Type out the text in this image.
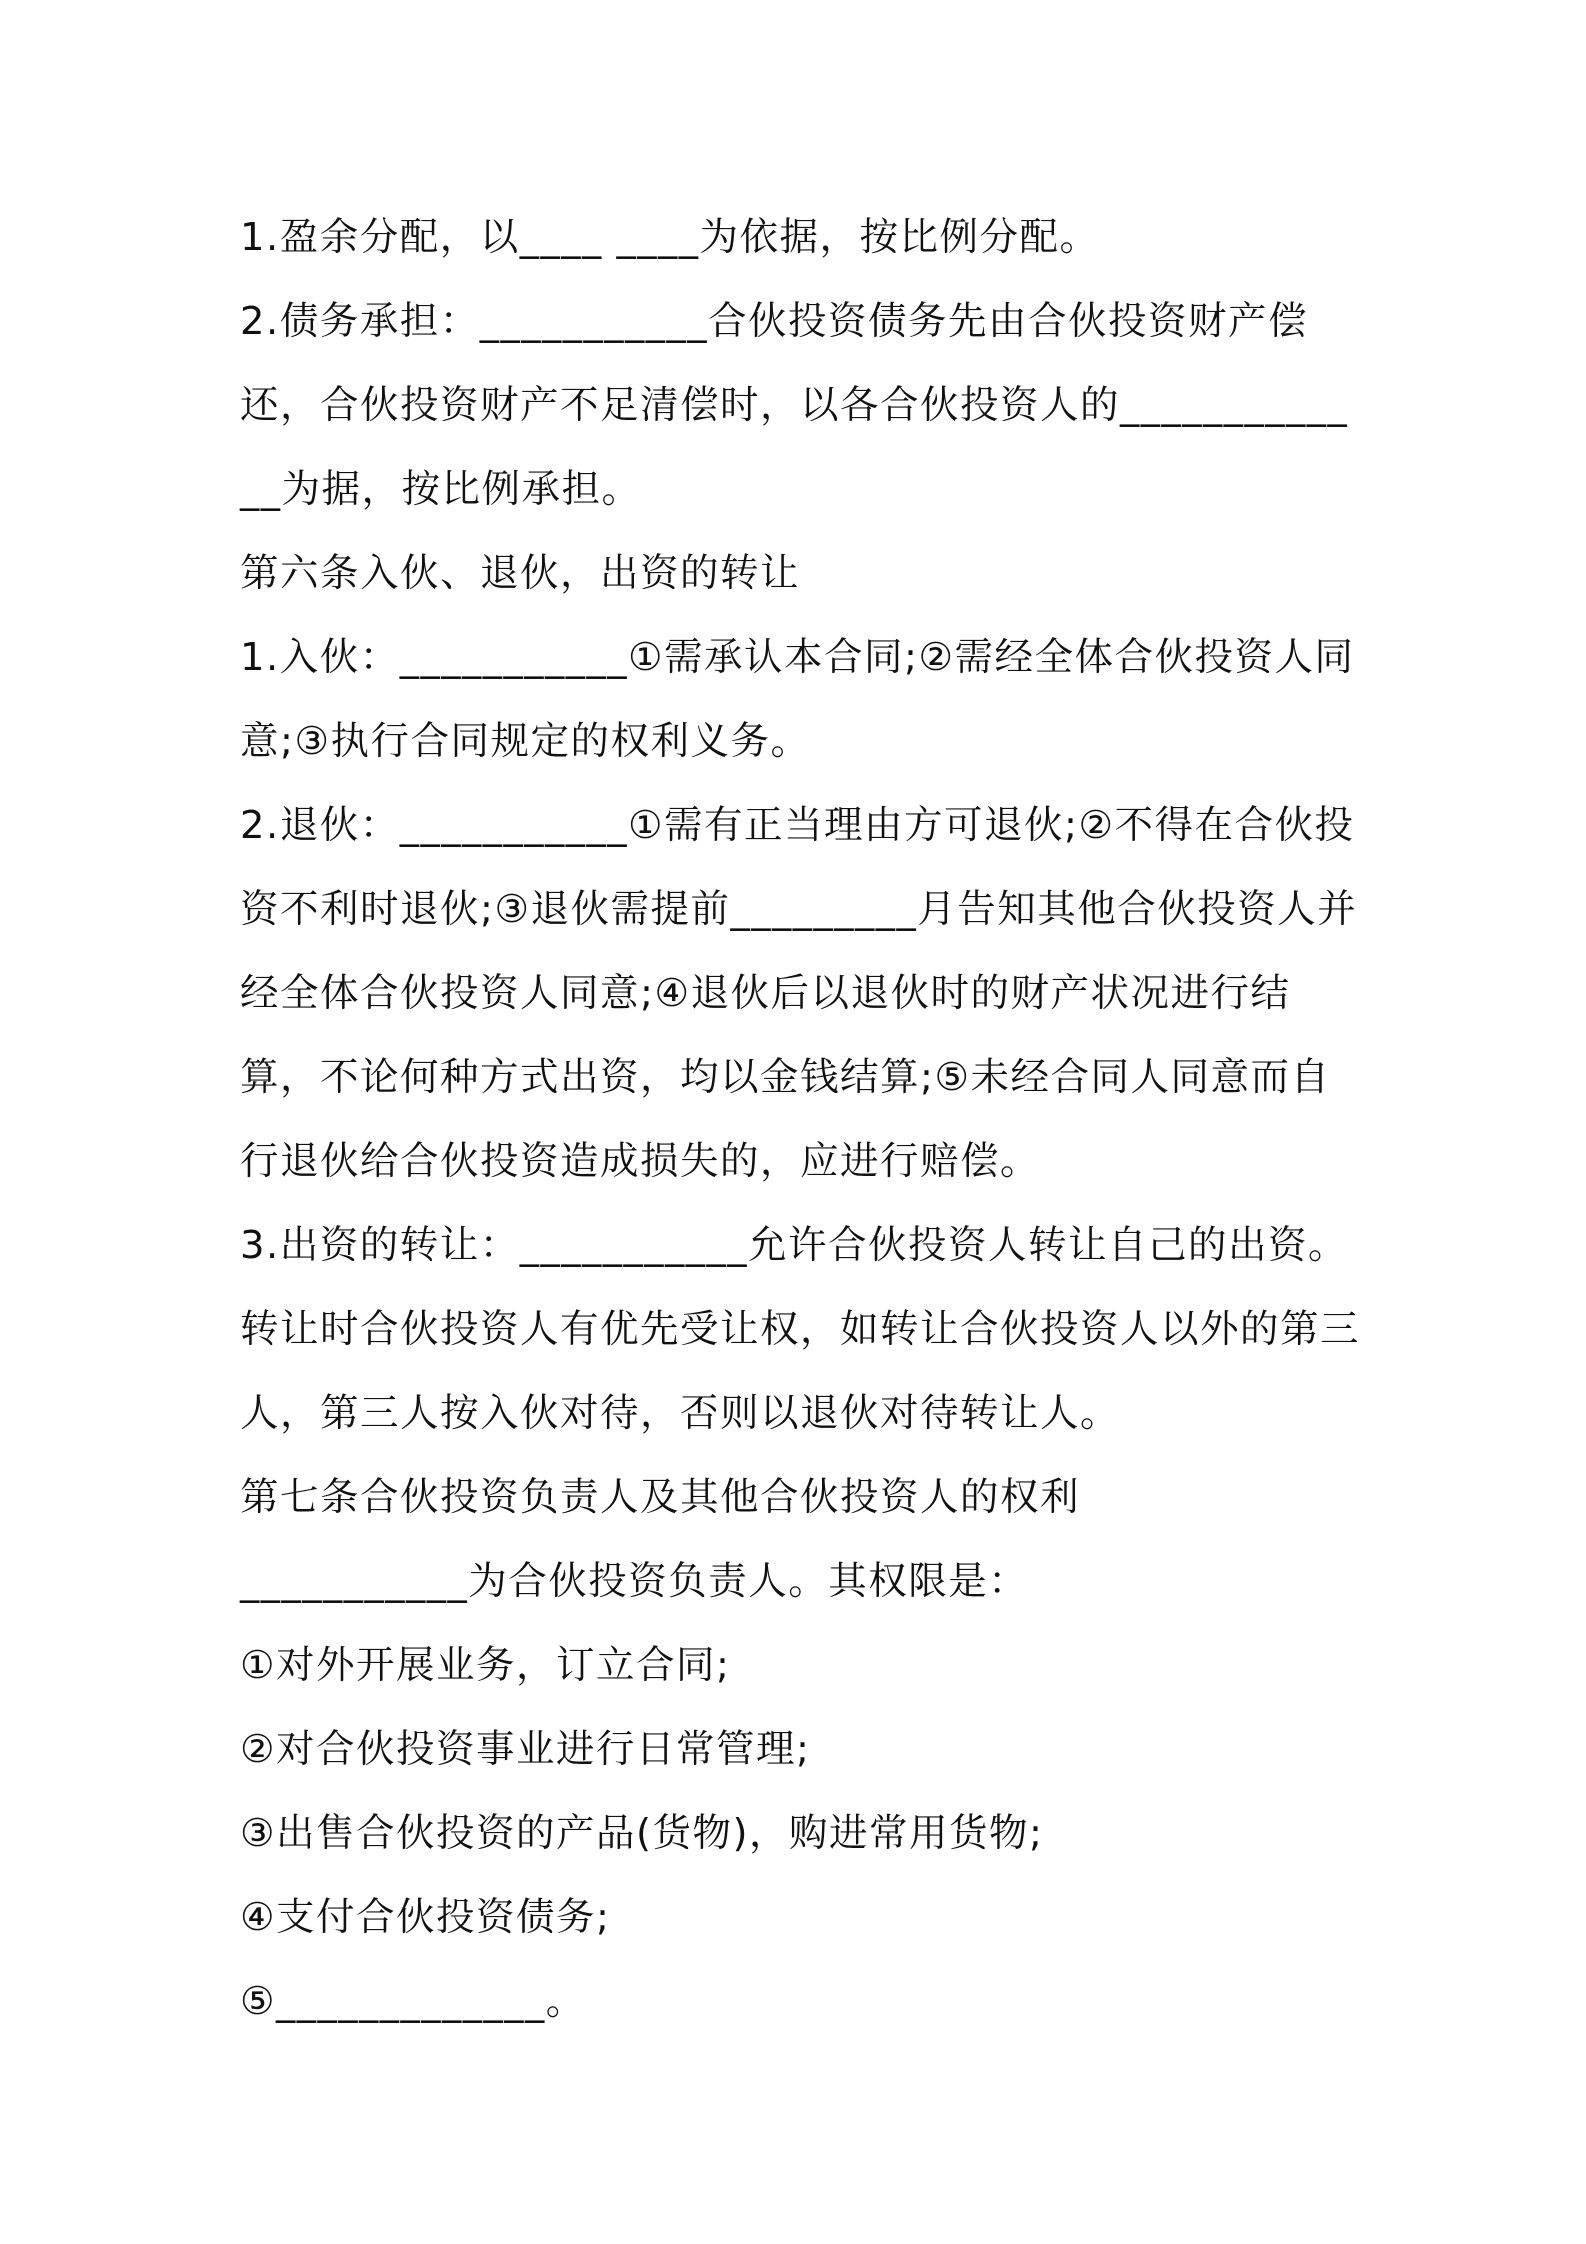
1.盈余分配，以____ ____为依据，按比例分配。

2.债务承担：___________合伙投资债务先由合伙投资财产偿还，合伙投资财产不足清偿时，以各合伙投资人的_____________为据，按比例承担。

第六条入伙、退伙，出资的转让

1.入伙：___________①需承认本合同;②需经全体合伙投资人同意;③执行合同规定的权利义务。

2.退伙：___________①需有正当理由方可退伙;②不得在合伙投资不利时退伙;③退伙需提前_________月告知其他合伙投资人并经全体合伙投资人同意;④退伙后以退伙时的财产状况进行结算，不论何种方式出资，均以金钱结算;⑤未经合同人同意而自行退伙给合伙投资造成损失的，应进行赔偿。

3.出资的转让：___________允许合伙投资人转让自己的出资。转让时合伙投资人有优先受让权，如转让合伙投资人以外的第三人，第三人按入伙对待，否则以退伙对待转让人。

第七条合伙投资负责人及其他合伙投资人的权利

___________为合伙投资负责人。其权限是：

①对外开展业务，订立合同;

②对合伙投资事业进行日常管理;

③出售合伙投资的产品(货物)，购进常用货物;

④支付合伙投资债务;

⑤_____________。
